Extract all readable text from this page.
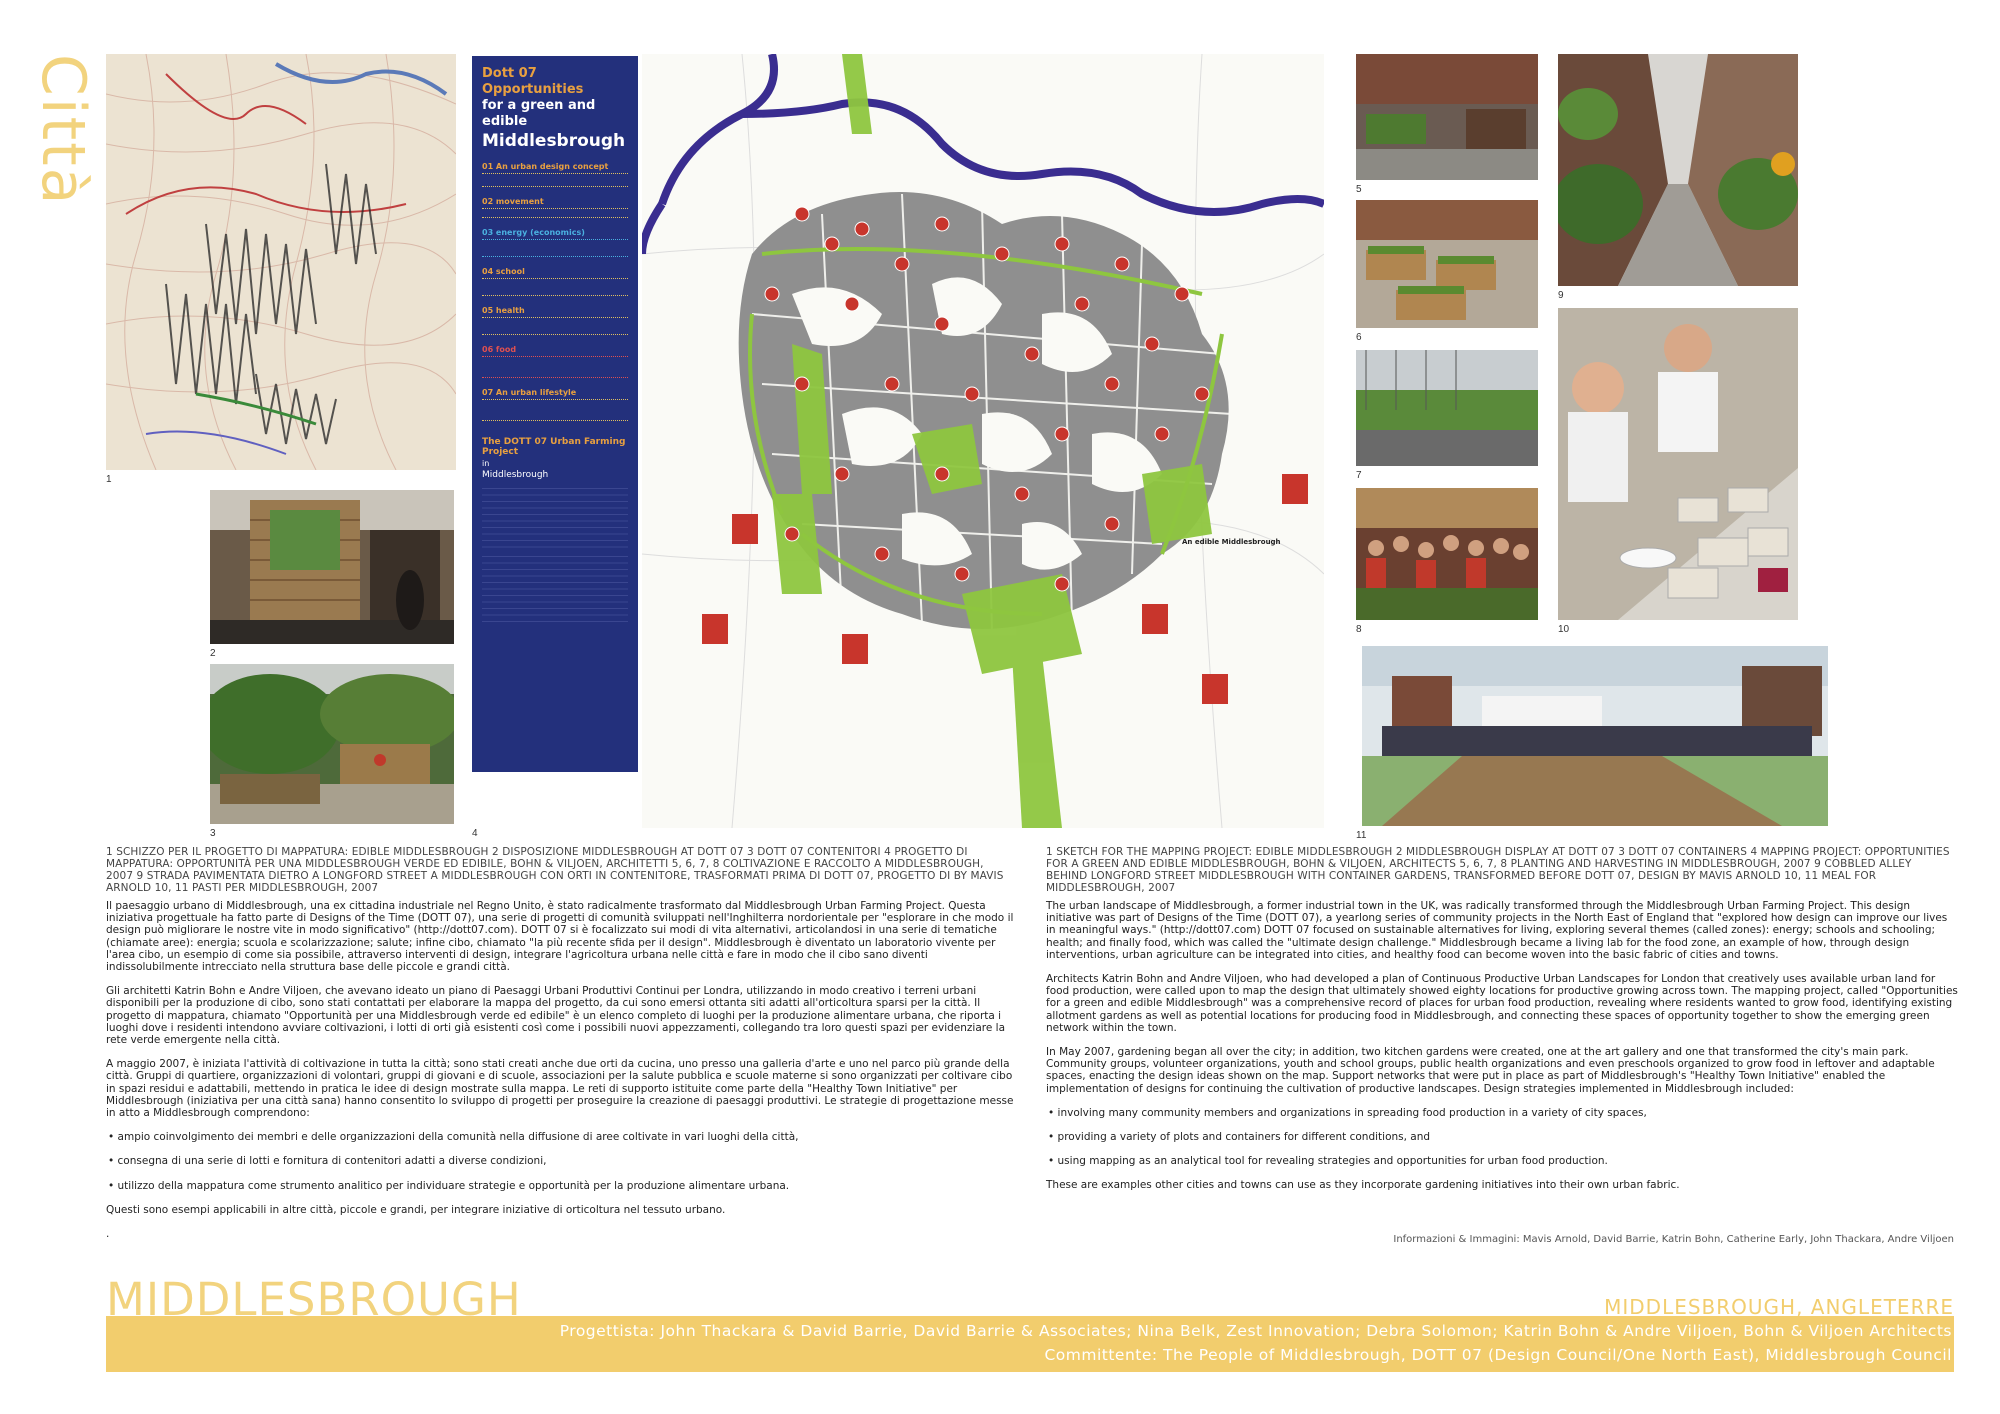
Città
1
2
3
Dott 07 Opportunities
for a green and edible
Middlesbrough
01 An urban design concept
02 movement
03 energy (economics)
04 school
05 health
06 food
07 An urban lifestyle
The DOTT 07 Urban Farming Project
in
Middlesbrough
4
An edible Middlesbrough
5
6
7
8
9
10
11
1 SCHIZZO PER IL PROGETTO DI MAPPATURA: EDIBLE MIDDLESBROUGH 2 DISPOSIZIONE MIDDLESBROUGH AT DOTT 07 3 DOTT 07 CONTENITORI 4 PROGETTO DI MAPPATURA: OPPORTUNITÀ PER UNA MIDDLESBROUGH VERDE ED EDIBILE, BOHN & VILJOEN, ARCHITETTI 5, 6, 7, 8 COLTIVAZIONE E RACCOLTO A MIDDLESBROUGH, 2007 9 STRADA PAVIMENTATA DIETRO A LONGFORD STREET A MIDDLESBROUGH CON ORTI IN CONTENITORE, TRASFORMATI PRIMA DI DOTT 07, PROGETTO DI BY MAVIS ARNOLD 10, 11 PASTI PER MIDDLESBROUGH, 2007
1 SKETCH FOR THE MAPPING PROJECT: EDIBLE MIDDLESBROUGH 2 MIDDLESBROUGH DISPLAY AT DOTT 07 3 DOTT 07 CONTAINERS 4 MAPPING PROJECT: OPPORTUNITIES FOR A GREEN AND EDIBLE MIDDLESBROUGH, BOHN & VILJOEN, ARCHITECTS 5, 6, 7, 8 PLANTING AND HARVESTING IN MIDDLESBROUGH, 2007 9 COBBLED ALLEY BEHIND LONGFORD STREET MIDDLESBROUGH WITH CONTAINER GARDENS, TRANSFORMED BEFORE DOTT 07, DESIGN BY MAVIS ARNOLD 10, 11 MEAL FOR MIDDLESBROUGH, 2007

Il paesaggio urbano di Middlesbrough, una ex cittadina industriale nel Regno Unito, è stato radicalmente trasformato dal Middlesbrough Urban Farming Project. Questa iniziativa progettuale ha fatto parte di Designs of the Time (DOTT 07), una serie di progetti di comunità sviluppati nell'Inghilterra nordorientale per "esplorare in che modo il design può migliorare le nostre vite in modo significativo" (http://dott07.com). DOTT 07 si è focalizzato sui modi di vita alternativi, articolandosi in una serie di tematiche (chiamate aree): energia; scuola e scolarizzazione; salute; infine cibo, chiamato "la più recente sfida per il design". Middlesbrough è diventato un laboratorio vivente per l'area cibo, un esempio di come sia possibile, attraverso interventi di design, integrare l'agricoltura urbana nelle città e fare in modo che il cibo sano diventi indissolubilmente intrecciato nella struttura base delle piccole e grandi città.

Gli architetti Katrin Bohn e Andre Viljoen, che avevano ideato un piano di Paesaggi Urbani Produttivi Continui per Londra, utilizzando in modo creativo i terreni urbani disponibili per la produzione di cibo, sono stati contattati per elaborare la mappa del progetto, da cui sono emersi ottanta siti adatti all'orticoltura sparsi per la città. Il progetto di mappatura, chiamato "Opportunità per una Middlesbrough verde ed edibile" è un elenco completo di luoghi per la produzione alimentare urbana, che riporta i luoghi dove i residenti intendono avviare coltivazioni, i lotti di orti già esistenti così come i possibili nuovi appezzamenti, collegando tra loro questi spazi per evidenziare la rete verde emergente nella città.

A maggio 2007, è iniziata l'attività di coltivazione in tutta la città; sono stati creati anche due orti da cucina, uno presso una galleria d'arte e uno nel parco più grande della città. Gruppi di quartiere, organizzazioni di volontari, gruppi di giovani e di scuole, associazioni per la salute pubblica e scuole materne si sono organizzati per coltivare cibo in spazi residui e adattabili, mettendo in pratica le idee di design mostrate sulla mappa. Le reti di supporto istituite come parte della "Healthy Town Initiative" per Middlesbrough (iniziativa per una città sana) hanno consentito lo sviluppo di progetti per proseguire la creazione di paesaggi produttivi. Le strategie di progettazione messe in atto a Middlesbrough comprendono:

• ampio coinvolgimento dei membri e delle organizzazioni della comunità nella diffusione di aree coltivate in vari luoghi della città,
• consegna di una serie di lotti e fornitura di contenitori adatti a diverse condizioni,
• utilizzo della mappatura come strumento analitico per individuare strategie e opportunità per la produzione alimentare urbana.

Questi sono esempi applicabili in altre città, piccole e grandi, per integrare iniziative di orticoltura nel tessuto urbano.

.

The urban landscape of Middlesbrough, a former industrial town in the UK, was radically transformed through the Middlesbrough Urban Farming Project. This design initiative was part of Designs of the Time (DOTT 07), a yearlong series of community projects in the North East of England that "explored how design can improve our lives in meaningful ways." (http://dott07.com) DOTT 07 focused on sustainable alternatives for living, exploring several themes (called zones): energy; schools and schooling; health; and finally food, which was called the "ultimate design challenge." Middlesbrough became a living lab for the food zone, an example of how, through design interventions, urban agriculture can be integrated into cities, and healthy food can become woven into the basic fabric of cities and towns.

Architects Katrin Bohn and Andre Viljoen, who had developed a plan of Continuous Productive Urban Landscapes for London that creatively uses available urban land for food production, were called upon to map the design that ultimately showed eighty locations for productive growing across town. The mapping project, called "Opportunities for a green and edible Middlesbrough" was a comprehensive record of places for urban food production, revealing where residents wanted to grow food, identifying existing allotment gardens as well as potential locations for producing food in Middlesbrough, and connecting these spaces of opportunity together to show the emerging green network within the town.

In May 2007, gardening began all over the city; in addition, two kitchen gardens were created, one at the art gallery and one that transformed the city's main park. Community groups, volunteer organizations, youth and school groups, public health organizations and even preschools organized to grow food in leftover and adaptable spaces, enacting the design ideas shown on the map. Support networks that were put in place as part of Middlesbrough's "Healthy Town Initiative" enabled the implementation of designs for continuing the cultivation of productive landscapes. Design strategies implemented in Middlesbrough included:

• involving many community members and organizations in spreading food production in a variety of city spaces,
• providing a variety of plots and containers for different conditions, and
• using mapping as an analytical tool for revealing strategies and opportunities for urban food production.

These are examples other cities and towns can use as they incorporate gardening initiatives into their own urban fabric.

Informazioni & Immagini: Mavis Arnold, David Barrie, Katrin Bohn, Catherine Early, John Thackara, Andre Viljoen
MIDDLESBROUGH	MIDDLESBROUGH, ANGLETERRE
Progettista: John Thackara & David Barrie, David Barrie & Associates; Nina Belk, Zest Innovation; Debra Solomon; Katrin Bohn & Andre Viljoen, Bohn & Viljoen Architects
Committente: The People of Middlesbrough, DOTT 07 (Design Council/One North East), Middlesbrough Council
